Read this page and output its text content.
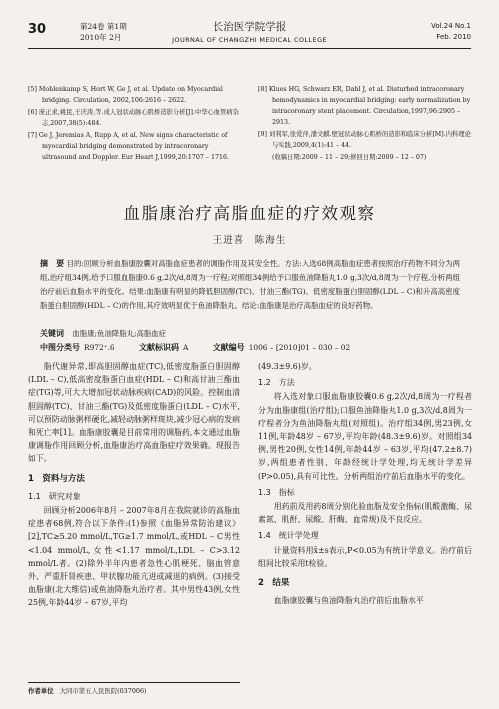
30	第24卷 第1期
2010年 2月
长治医学院学报
JOURNAL OF CHANGZHI MEDICAL COLLEGE
Vol.24 No.1
Feb. 2010

[5] Mohlenkamp S, Hort W, Ge J, et al. Update on Myocardial bridging. Circulation, 2002,106:2616 – 2622.

[6] 庞正求,姚民,王庆涛,等.成人冠状动脉心肌桥造影分析[J].中华心血管病杂志,2007,38(5):484.

[7] Ge J, Jeremias A, Rupp A, et al. New signs characteristic of myocardial bridging demonstrated by intracoronary ultrasound and Doppler. Eur Heart J,1999,20:1707 – 1716.

[8] Klues HG, Schwarz ER, Dahl J, et al. Disturbed intracoronary hemodynamics in myocardial bridging: early normalization by intracoronary stent placement. Circulation,1997,96:2905 – 2913.

[9] 刘利军,张爱萍,潘文麒.壁冠状动脉心肌桥的造影和临床分析[M].内科理论与实践,2009,4(1):41 – 44.

(收稿日期:2009 – 11 – 29;修回日期:2009 – 12 – 07)

血脂康治疗高脂血症的疗效观察
王进喜　陈海生
摘　要 目的:回顾分析血脂康胶囊对高脂血症患者的调脂作用及其安全性。方法:入选68例高脂血症患者按照治疗药物不同分为两组,治疗组34例,给予口服血脂康0.6 g,2次/d,8周为一疗程;对照组34例给予口服鱼油降脂丸1.0 g,3次/d,8周为一个疗程,分析两组治疗前后血脂水平的变化。结果:血脂康有明显的降低胆固醇(TC)、甘油三酯(TG)、低密度脂蛋白胆固醇(LDL – C)和升高高密度脂蛋白胆固醇(HDL – C)的作用,其疗效明显优于鱼油降脂丸。结论:血脂康是治疗高脂血症的良好药物。
关键词 血脂康;鱼油降脂丸;高脂血症
中图分类号 R972⁺.6	文献标识码 A	文献编号 1006 – [2010]01 – 030 – 02

脂代谢异常,即高胆固醇血症(TC),低密度脂蛋白胆固醇(LDL – C),低高密度脂蛋白血症(HDL – C)和高甘油三酯血症(TG)等,可大大增加冠状动脉疾病(CAD)的风险。控制血清胆固醇(TC)、甘油三酯(TG)及低密度脂蛋白(LDL – C)水平,可以预防动脉粥样硬化,减轻动脉粥样斑块,减少冠心病的发病和死亡率[1]。血脂康胶囊是目前常用的调脂药,本文通过血脂康调脂作用回顾分析,血脂康治疗高血脂症疗效果确。现报告如下。

1　资料与方法
1.1　研究对象

回顾分析2006年8月 – 2007年8月在我院就诊的高脂血症患者68例,符合以下条件:(1)参照《血脂异常防治建议》[2],TC≥5.20 mmol/L,TG≥1.7 mmol/L,或HDL – C男性<1.04 mmol/L,女性<1.17 mmol/L,LDL – C>3.12 mmol/L者。(2)除外半年内患者急性心肌梗死、脑血管意外、严重肝肾疾患、甲状腺功能亢进或减退的病例。(3)接受血脂康(北大维信)或鱼油降脂丸治疗者。其中男性43例,女性25例,年龄44岁 – 67岁,平均

(49.3±9.6)岁。

1.2　方法

将入选对象口服血脂康胶囊0.6 g,2次/d,8周为一疗程者分为血脂康组(治疗组);口服鱼油降脂丸1.0 g,3次/d,8周为一疗程者分为鱼油降脂丸组(对照组)。治疗组34例,男23例,女11例,年龄48岁 – 67岁,平均年龄(48.3±9.6)岁。对照组34例,男性20例,女性14例,年龄44岁 – 63岁,平均(47.2±8.7)岁,两组患者性别、年龄经统计学处理,均无统计学差异(P>0.05),具有可比性。分析两组治疗前后血脂水平的变化。

1.3　指标

用药前及用药8周分别化验血脂及安全指标(肌酸激酶、尿素氮、肌酐、尿酸、肝酶、血常规)及不良反应。

1.4　统计学处理

计量资料用x̄±s表示,P<0.05为有统计学意义。治疗前后组间比较采用t检验。

2　结果

血脂康胶囊与鱼油降脂丸治疗前后血脂水平

作者单位 大同市第五人民医院(037006)
